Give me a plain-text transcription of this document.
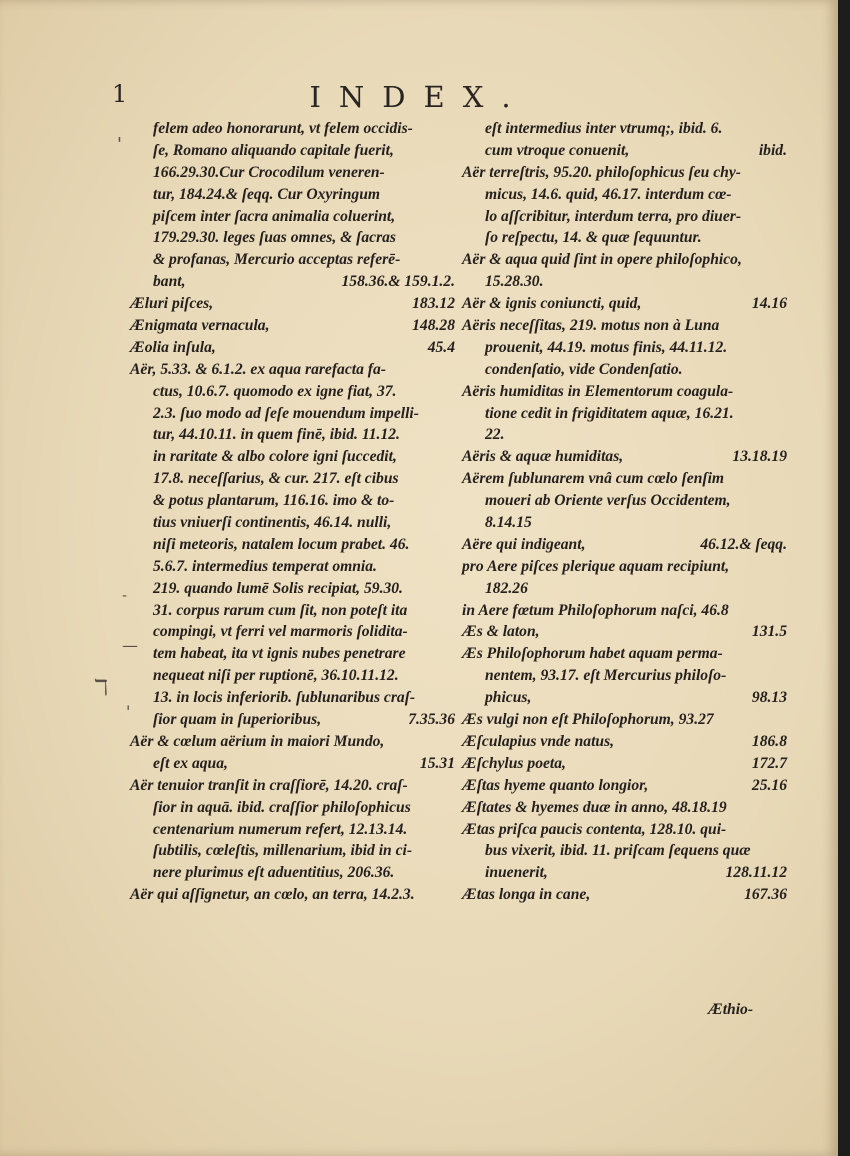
1	INDEX.
'
-
—
ℸ
'
felem adeo honorarunt, vt felem occidis-
ſe, Romano aliquando capitale fuerit,
166.29.30.Cur Crocodilum veneren-
tur, 184.24.& ſeqq. Cur Oxyringum
piſcem inter ſacra animalia coluerint,
179.29.30. leges ſuas omnes, & ſacras
& profanas, Mercurio acceptas referē-
bant,	158.36.& 159.1.2.
Æluri piſces,	183.12
Ænigmata vernacula,	148.28
Æolia inſula,	45.4
Aër, 5.33. & 6.1.2. ex aqua rarefacta fa-
ctus, 10.6.7. quomodo ex igne fiat, 37.
2.3. ſuo modo ad ſeſe mouendum impelli-
tur, 44.10.11. in quem finē, ibid. 11.12.
in raritate & albo colore igni ſuccedit,
17.8. neceſſarius, & cur. 217. eſt cibus
& potus plantarum, 116.16. imo & to-
tius vniuerſi continentis, 46.14. nulli,
niſi meteoris, natalem locum prabet. 46.
5.6.7. intermedius temperat omnia.
219. quando lumē Solis recipiat, 59.30.
31. corpus rarum cum ſit, non poteſt ita
compingi, vt ferri vel marmoris ſolidita-
tem habeat, ita vt ignis nubes penetrare
nequeat niſi per ruptionē, 36.10.11.12.
13. in locis inferiorib. ſublunaribus craſ-
ſior quam in ſuperioribus,	7.35.36
Aër & cœlum aërium in maiori Mundo,
eſt ex aqua,	15.31
Aër tenuior tranſit in craſſiorē, 14.20. craſ-
ſior in aquā. ibid. craſſior philoſophicus
centenarium numerum refert, 12.13.14.
ſubtilis, cœleſtis, millenarium, ibid in ci-
nere plurimus eſt aduentitius, 206.36.
Aër qui aſſignetur, an cœlo, an terra, 14.2.3.
eſt intermedius inter vtrumq;, ibid. 6.
cum vtroque conuenit,	ibid.
Aër terreſtris, 95.20. philoſophicus ſeu chy-
micus, 14.6. quid, 46.17. interdum cœ-
lo aſſcribitur, interdum terra, pro diuer-
ſo reſpectu, 14. & quæ ſequuntur.
Aër & aqua quid ſint in opere philoſophico,
15.28.30.
Aër & ignis coniuncti, quid,	14.16
Aëris neceſſitas, 219. motus non à Luna
prouenit, 44.19. motus finis, 44.11.12.
condenſatio, vide Condenſatio.
Aëris humiditas in Elementorum coagula-
tione cedit in frigiditatem aquæ, 16.21.
22.
Aëris & aquæ humiditas,	13.18.19
Aërem ſublunarem vnâ cum cœlo ſenſim
moueri ab Oriente verſus Occidentem,
8.14.15
Aëre qui indigeant,	46.12.& ſeqq.
pro Aere piſces plerique aquam recipiunt,
182.26
in Aere fœtum Philoſophorum naſci, 46.8
Æs & laton,	131.5
Æs Philoſophorum habet aquam perma-
nentem, 93.17. eſt Mercurius philoſo-
phicus,	98.13
Æs vulgi non eſt Philoſophorum, 93.27
Æſculapius vnde natus,	186.8
Æſchylus poeta,	172.7
Æſtas hyeme quanto longior,	25.16
Æſtates & hyemes duæ in anno, 48.18.19
Ætas priſca paucis contenta, 128.10. qui-
bus vixerit, ibid. 11. priſcam ſequens quæ
inuenerit,	128.11.12
Ætas longa in cane,	167.36
Æthio-
